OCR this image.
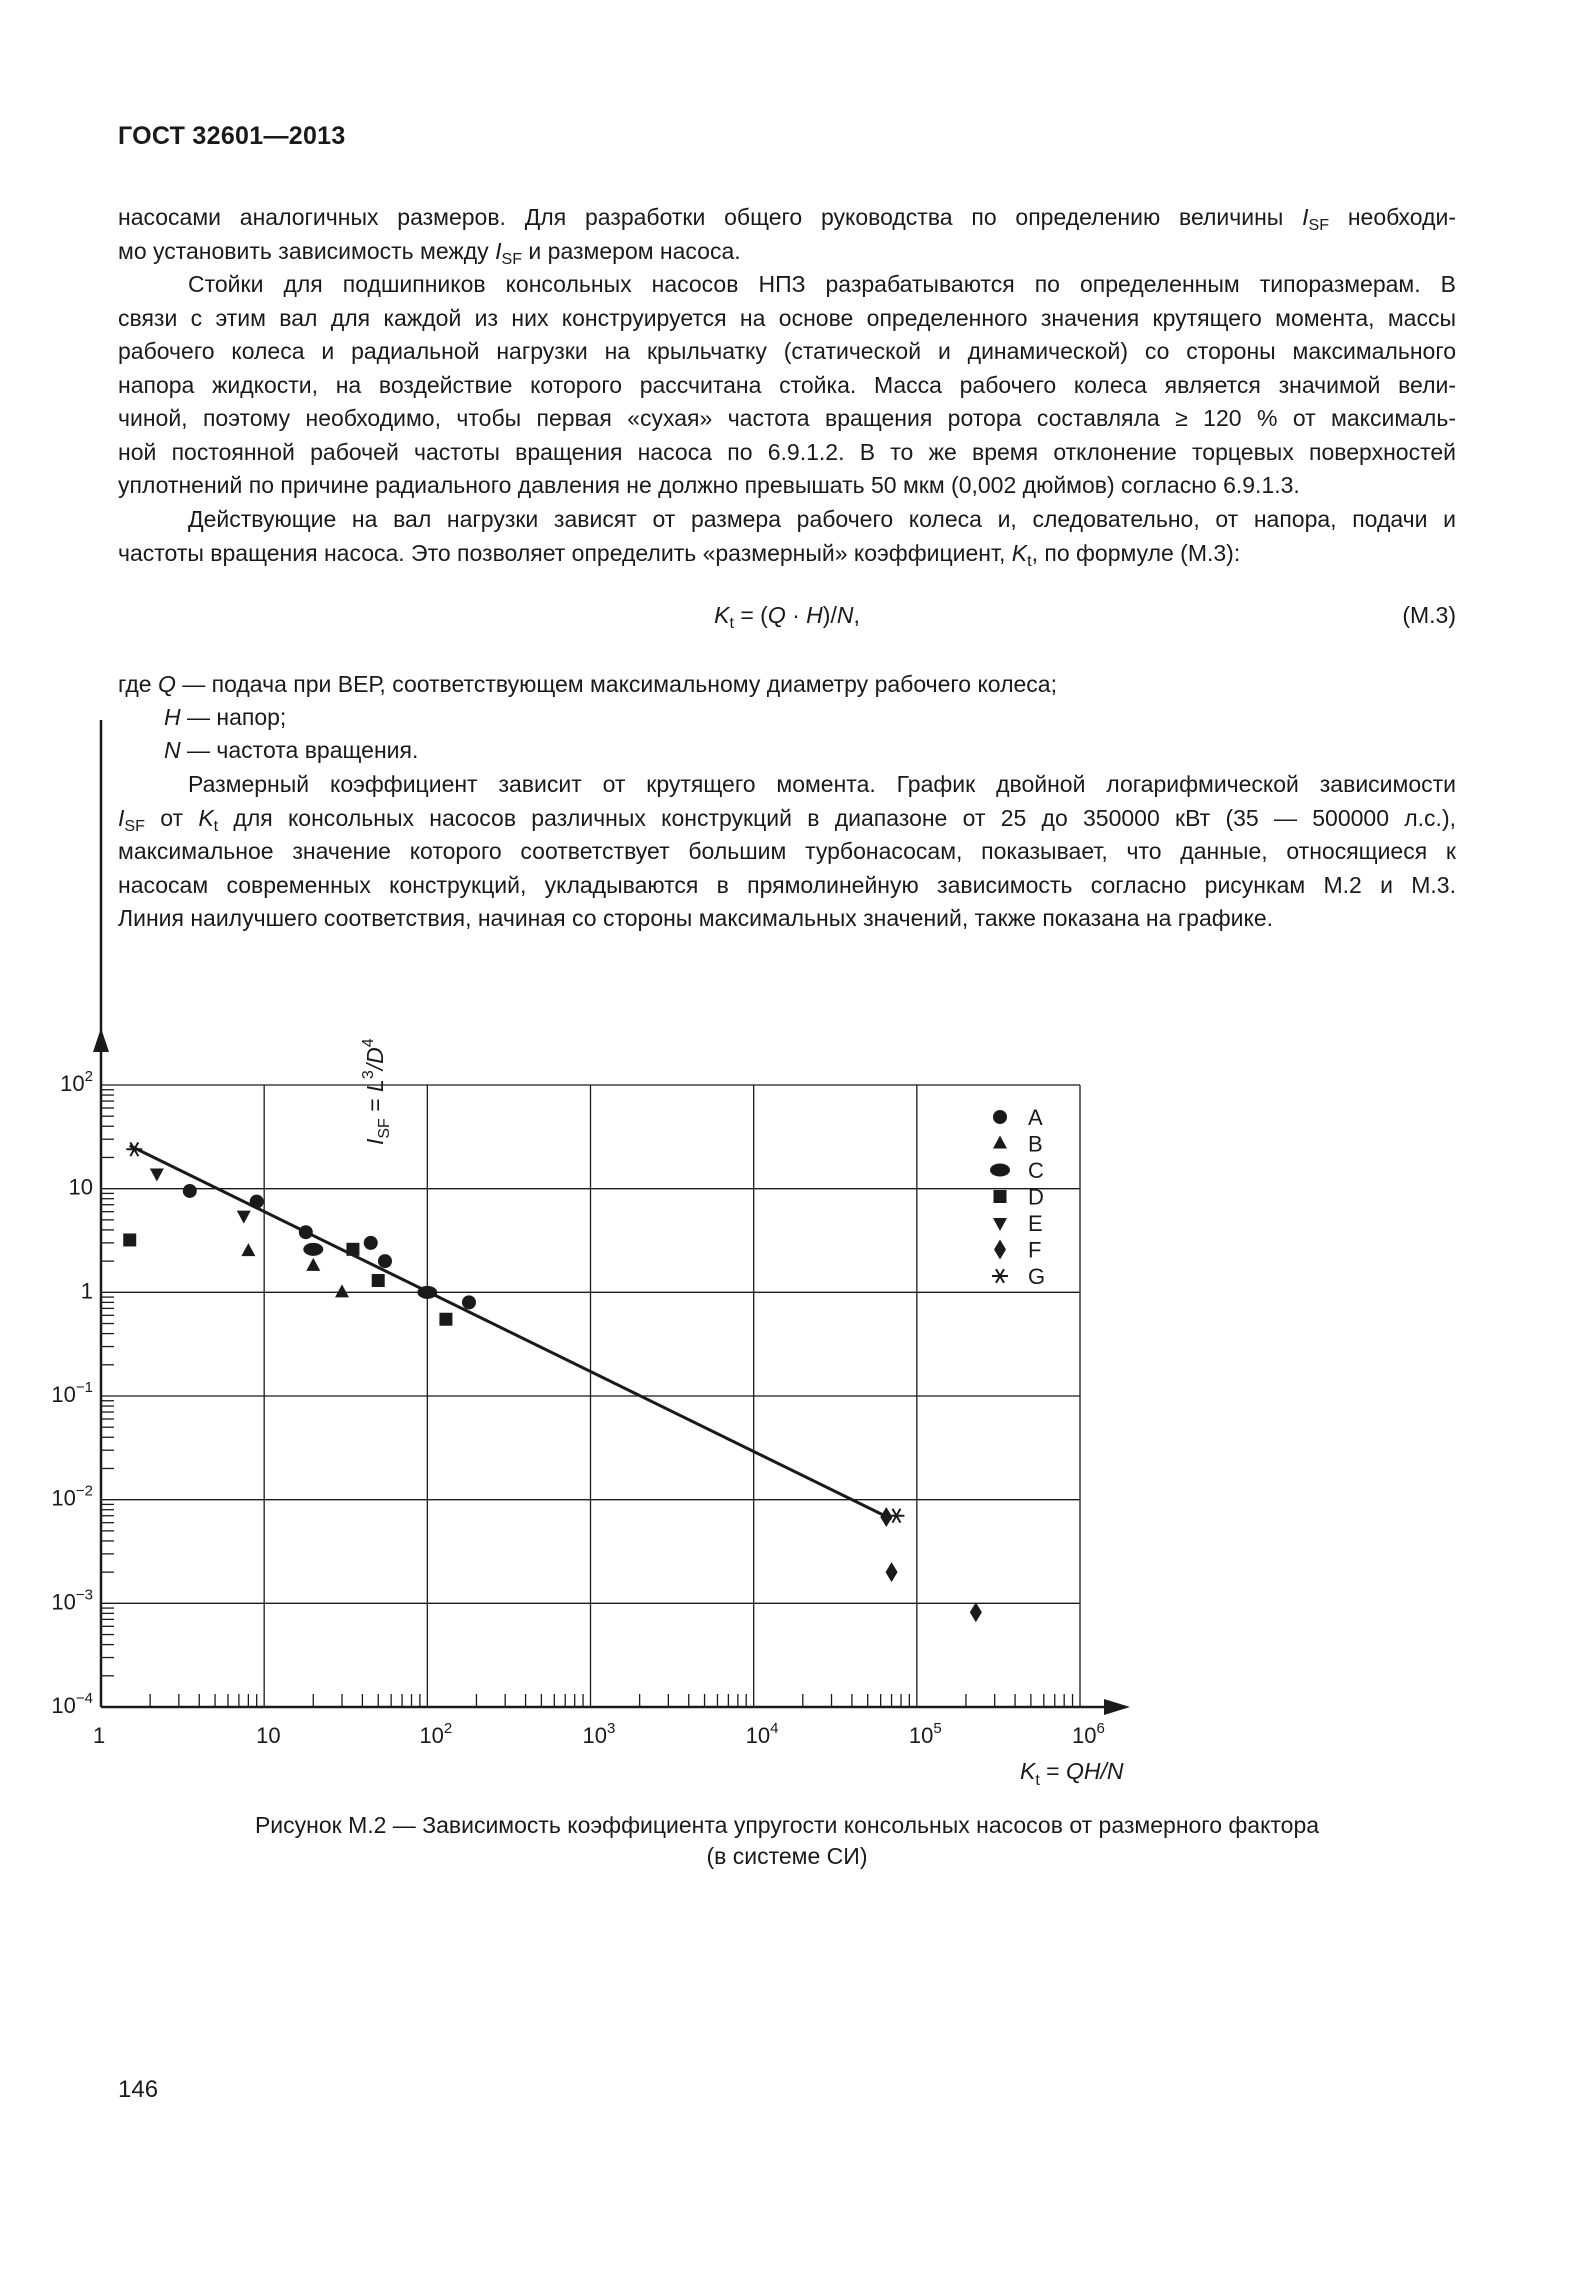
ГОСТ 32601—2013
насосами аналогичных размеров. Для разработки общего руководства по определению величины $I_{SF}$ необходи-
мо установить зависимость между $I_{SF}$ и размером насоса.
Стойки для подшипников консольных насосов НПЗ разрабатываются по определенным типоразмерам. В
связи с этим вал для каждой из них конструируется на основе определенного значения крутящего момента, массы
рабочего колеса и радиальной нагрузки на крыльчатку (статической и динамической) со стороны максимального
напора жидкости, на воздействие которого рассчитана стойка. Масса рабочего колеса является значимой вели-
чиной, поэтому необходимо, чтобы первая «сухая» частота вращения ротора составляла ≥ 120 % от максималь-
ной постоянной рабочей частоты вращения насоса по 6.9.1.2. В то же время отклонение торцевых поверхностей
уплотнений по причине радиального давления не должно превышать 50 мкм (0,002 дюймов) согласно 6.9.1.3.
Действующие на вал нагрузки зависят от размера рабочего колеса и, следовательно, от напора, подачи и
частоты вращения насоса. Это позволяет определить «размерный» коэффициент, $K_t$, по формуле (М.3):
$K_t = (Q \cdot H)/N$,	(М.3)
где Q — подача при ВЕР, соответствующем максимальному диаметру рабочего колеса;
H — напор;
N — частота вращения.
Размерный коэффициент зависит от крутящего момента. График двойной логарифмической зависимости
$I_{SF}$ от $K_t$ для консольных насосов различных конструкций в диапазоне от 25 до 350000 кВт (35 — 500000 л.с.),
максимальное значение которого соответствует большим турбонасосам, показывает, что данные, относящиеся к
насосам современных конструкций, укладываются в прямолинейную зависимость согласно рисункам М.2 и М.3.
Линия наилучшего соответствия, начиная со стороны максимальных значений, также показана на графике.
$10^2$
10
1
$10^{-1}$
$10^{-2}$
$10^{-3}$
$10^{-4}$
1	10	$10^2$	$10^3$	$10^4$	$10^5$	$10^6$
A
B
C
D
E
F
G
$I_{SF} = L^3/D^4$
$K_t = QH/N$
Рисунок М.2 — Зависимость коэффициента упругости консольных насосов от размерного фактора
(в системе СИ)
146
